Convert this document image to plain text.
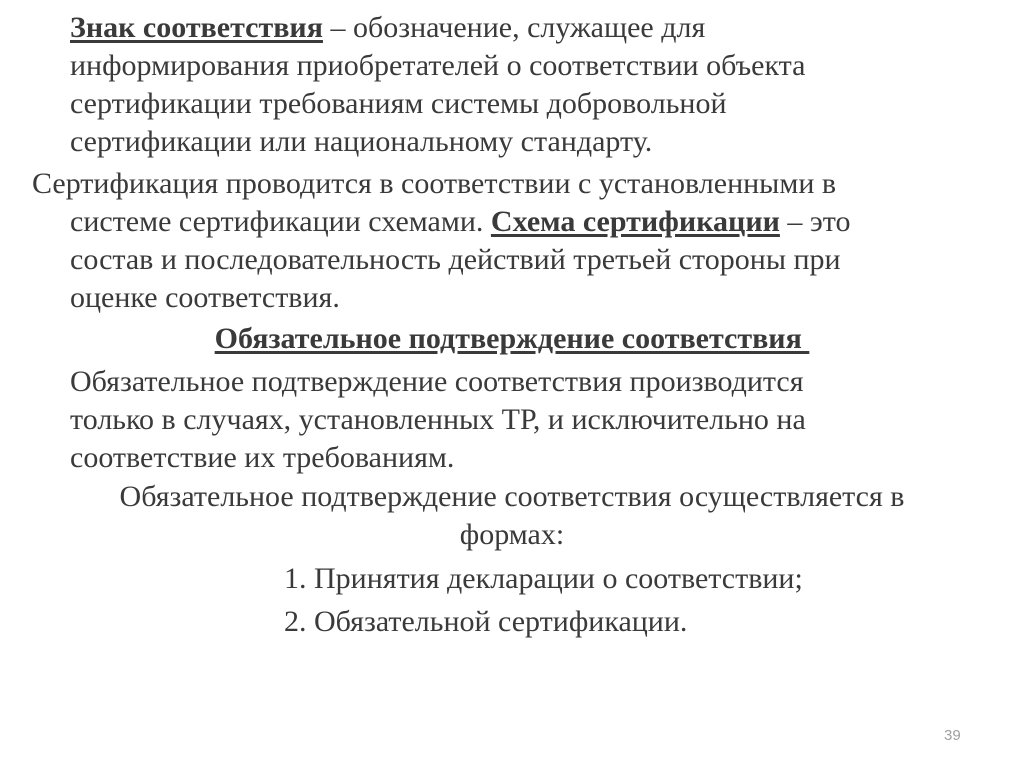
Знак соответствия – обозначение, служащее для

информирования приобретателей о соответствии объекта

сертификации требованиям системы добровольной

сертификации или национальному стандарту.

Сертификация проводится в соответствии с установленными в

системе сертификации схемами. Схема сертификации – это

состав и последовательность действий третьей стороны при

оценке соответствия.

Обязательное подтверждение соответствия

Обязательное подтверждение соответствия производится

только в случаях, установленных ТР, и исключительно на

соответствие их требованиям.

Обязательное подтверждение соответствия осуществляется в

формах:

1. Принятия декларации о соответствии;

2. Обязательной сертификации.

39
